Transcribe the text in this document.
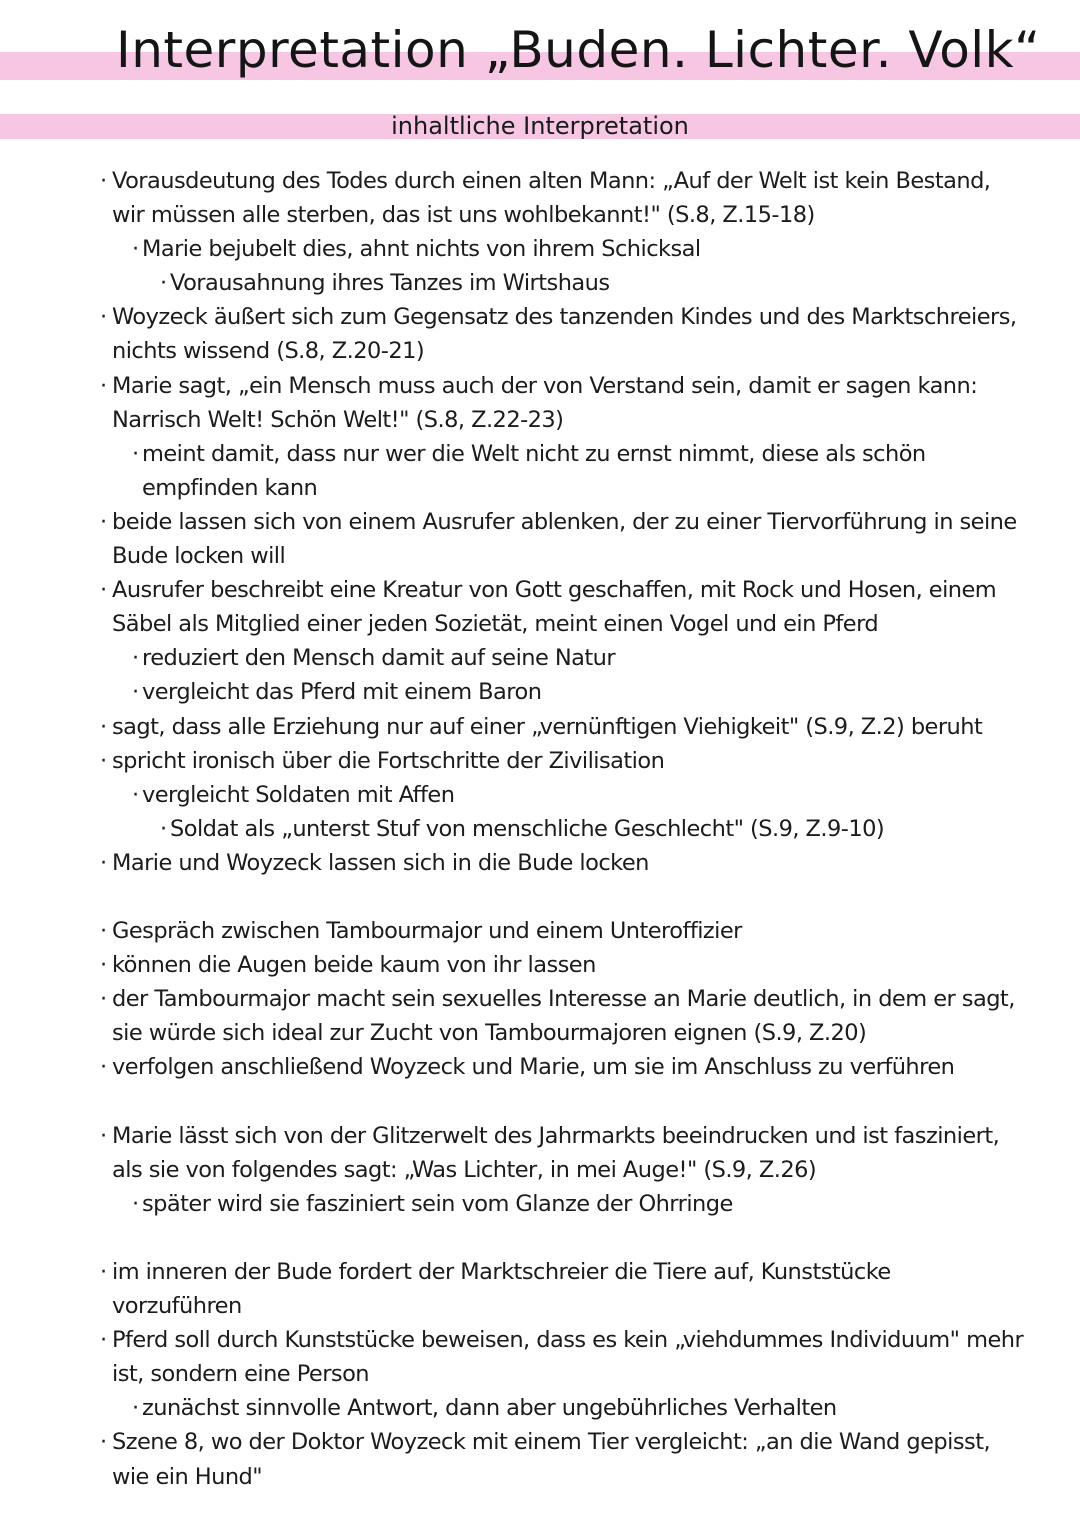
Interpretation „Buden. Lichter. Volk“
inhaltliche Interpretation
· Vorausdeutung des Todes durch einen alten Mann: „Auf der Welt ist kein Bestand,
wir müssen alle sterben, das ist uns wohlbekannt!" (S.8, Z.15-18)
· Marie bejubelt dies, ahnt nichts von ihrem Schicksal
· Vorausahnung ihres Tanzes im Wirtshaus
· Woyzeck äußert sich zum Gegensatz des tanzenden Kindes und des Marktschreiers,
nichts wissend (S.8, Z.20-21)
· Marie sagt, „ein Mensch muss auch der von Verstand sein, damit er sagen kann:
Narrisch Welt! Schön Welt!" (S.8, Z.22-23)
· meint damit, dass nur wer die Welt nicht zu ernst nimmt, diese als schön
empfinden kann
· beide lassen sich von einem Ausrufer ablenken, der zu einer Tiervorführung in seine
Bude locken will
· Ausrufer beschreibt eine Kreatur von Gott geschaffen, mit Rock und Hosen, einem
Säbel als Mitglied einer jeden Sozietät, meint einen Vogel und ein Pferd
· reduziert den Mensch damit auf seine Natur
· vergleicht das Pferd mit einem Baron
· sagt, dass alle Erziehung nur auf einer „vernünftigen Viehigkeit" (S.9, Z.2) beruht
· spricht ironisch über die Fortschritte der Zivilisation
· vergleicht Soldaten mit Affen
· Soldat als „unterst Stuf von menschliche Geschlecht" (S.9, Z.9-10)
· Marie und Woyzeck lassen sich in die Bude locken
· Gespräch zwischen Tambourmajor und einem Unteroffizier
· können die Augen beide kaum von ihr lassen
· der Tambourmajor macht sein sexuelles Interesse an Marie deutlich, in dem er sagt,
sie würde sich ideal zur Zucht von Tambourmajoren eignen (S.9, Z.20)
· verfolgen anschließend Woyzeck und Marie, um sie im Anschluss zu verführen
· Marie lässt sich von der Glitzerwelt des Jahrmarkts beeindrucken und ist fasziniert,
als sie von folgendes sagt: „Was Lichter, in mei Auge!" (S.9, Z.26)
· später wird sie fasziniert sein vom Glanze der Ohrringe
· im inneren der Bude fordert der Marktschreier die Tiere auf, Kunststücke
vorzuführen
· Pferd soll durch Kunststücke beweisen, dass es kein „viehdummes Individuum" mehr
ist, sondern eine Person
· zunächst sinnvolle Antwort, dann aber ungebührliches Verhalten
· Szene 8, wo der Doktor Woyzeck mit einem Tier vergleicht: „an die Wand gepisst,
wie ein Hund"
